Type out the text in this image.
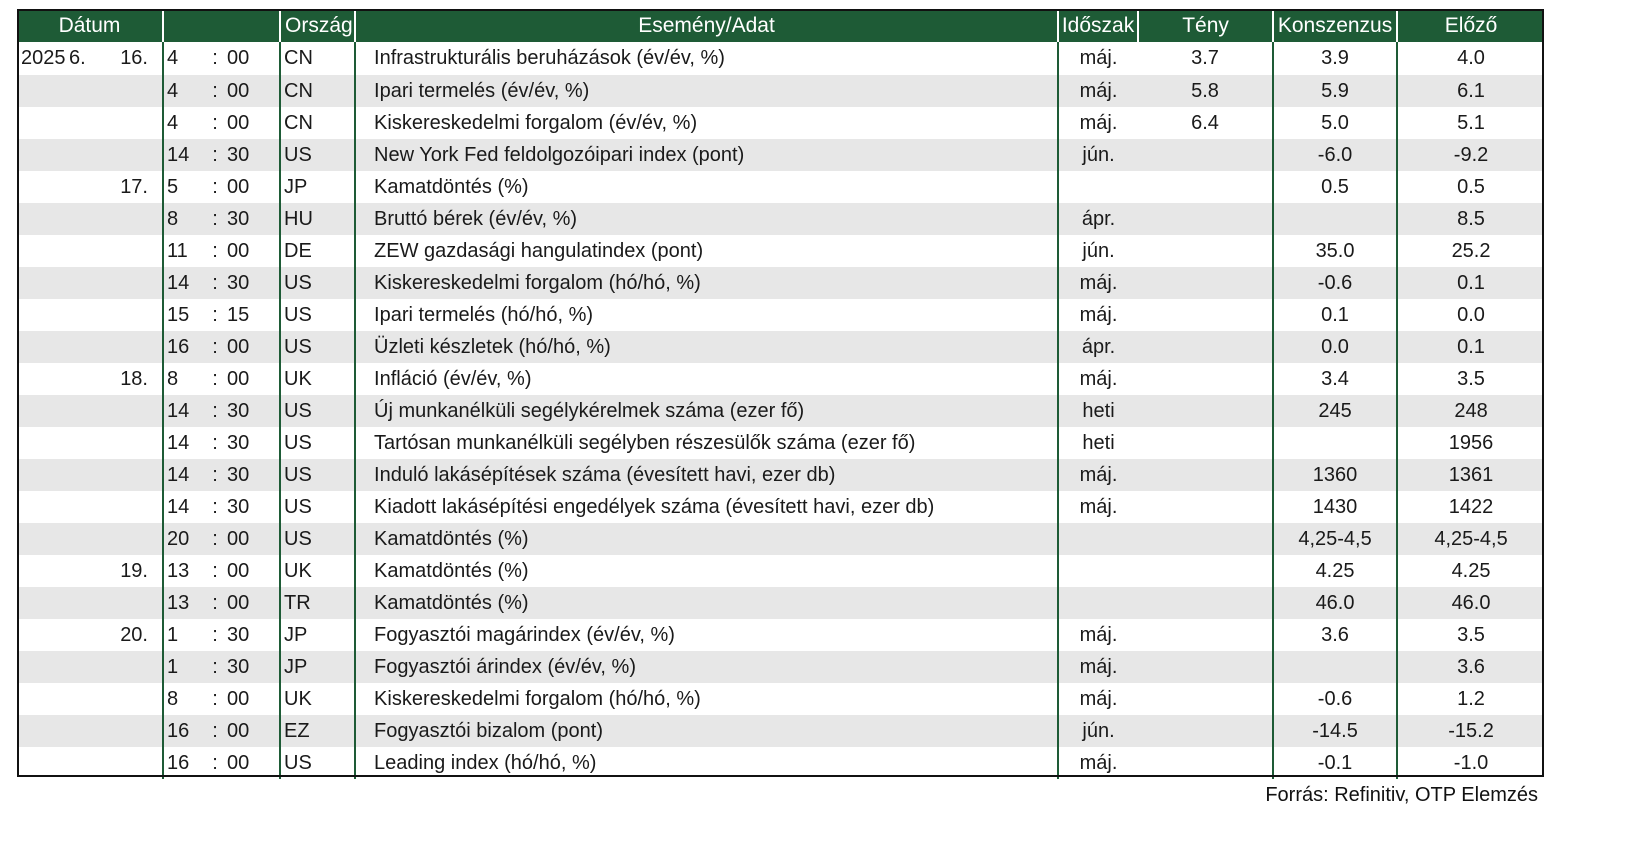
Dátum						Ország	Esemény/Adat	Időszak	Tény	Konszenzus	Előző
2025	6.	16.	4	:	00	CN	Infrastrukturális beruházások (év/év, %)	máj.	3.7	3.9	4.0
			4	:	00	CN	Ipari termelés (év/év, %)	máj.	5.8	5.9	6.1
			4	:	00	CN	Kiskereskedelmi forgalom (év/év, %)	máj.	6.4	5.0	5.1
			14	:	30	US	New York Fed feldolgozóipari index (pont)	jún.		-6.0	-9.2
		17.	5	:	00	JP	Kamatdöntés (%)			0.5	0.5
			8	:	30	HU	Bruttó bérek (év/év, %)	ápr.			8.5
			11	:	00	DE	ZEW gazdasági hangulatindex (pont)	jún.		35.0	25.2
			14	:	30	US	Kiskereskedelmi forgalom (hó/hó, %)	máj.		-0.6	0.1
			15	:	15	US	Ipari termelés (hó/hó, %)	máj.		0.1	0.0
			16	:	00	US	Üzleti készletek (hó/hó, %)	ápr.		0.0	0.1
		18.	8	:	00	UK	Infláció (év/év, %)	máj.		3.4	3.5
			14	:	30	US	Új munkanélküli segélykérelmek száma (ezer fő)	heti		245	248
			14	:	30	US	Tartósan munkanélküli segélyben részesülők száma (ezer fő)	heti			1956
			14	:	30	US	Induló lakásépítések száma (évesített havi, ezer db)	máj.		1360	1361
			14	:	30	US	Kiadott lakásépítési engedélyek száma (évesített havi, ezer db)	máj.		1430	1422
			20	:	00	US	Kamatdöntés (%)			4,25-4,5	4,25-4,5
		19.	13	:	00	UK	Kamatdöntés (%)			4.25	4.25
			13	:	00	TR	Kamatdöntés (%)			46.0	46.0
		20.	1	:	30	JP	Fogyasztói magárindex (év/év, %)	máj.		3.6	3.5
			1	:	30	JP	Fogyasztói árindex (év/év, %)	máj.			3.6
			8	:	00	UK	Kiskereskedelmi forgalom (hó/hó, %)	máj.		-0.6	1.2
			16	:	00	EZ	Fogyasztói bizalom (pont)	jún.		-14.5	-15.2
			16	:	00	US	Leading index (hó/hó, %)	máj.		-0.1	-1.0
Forrás: Refinitiv, OTP Elemzés
